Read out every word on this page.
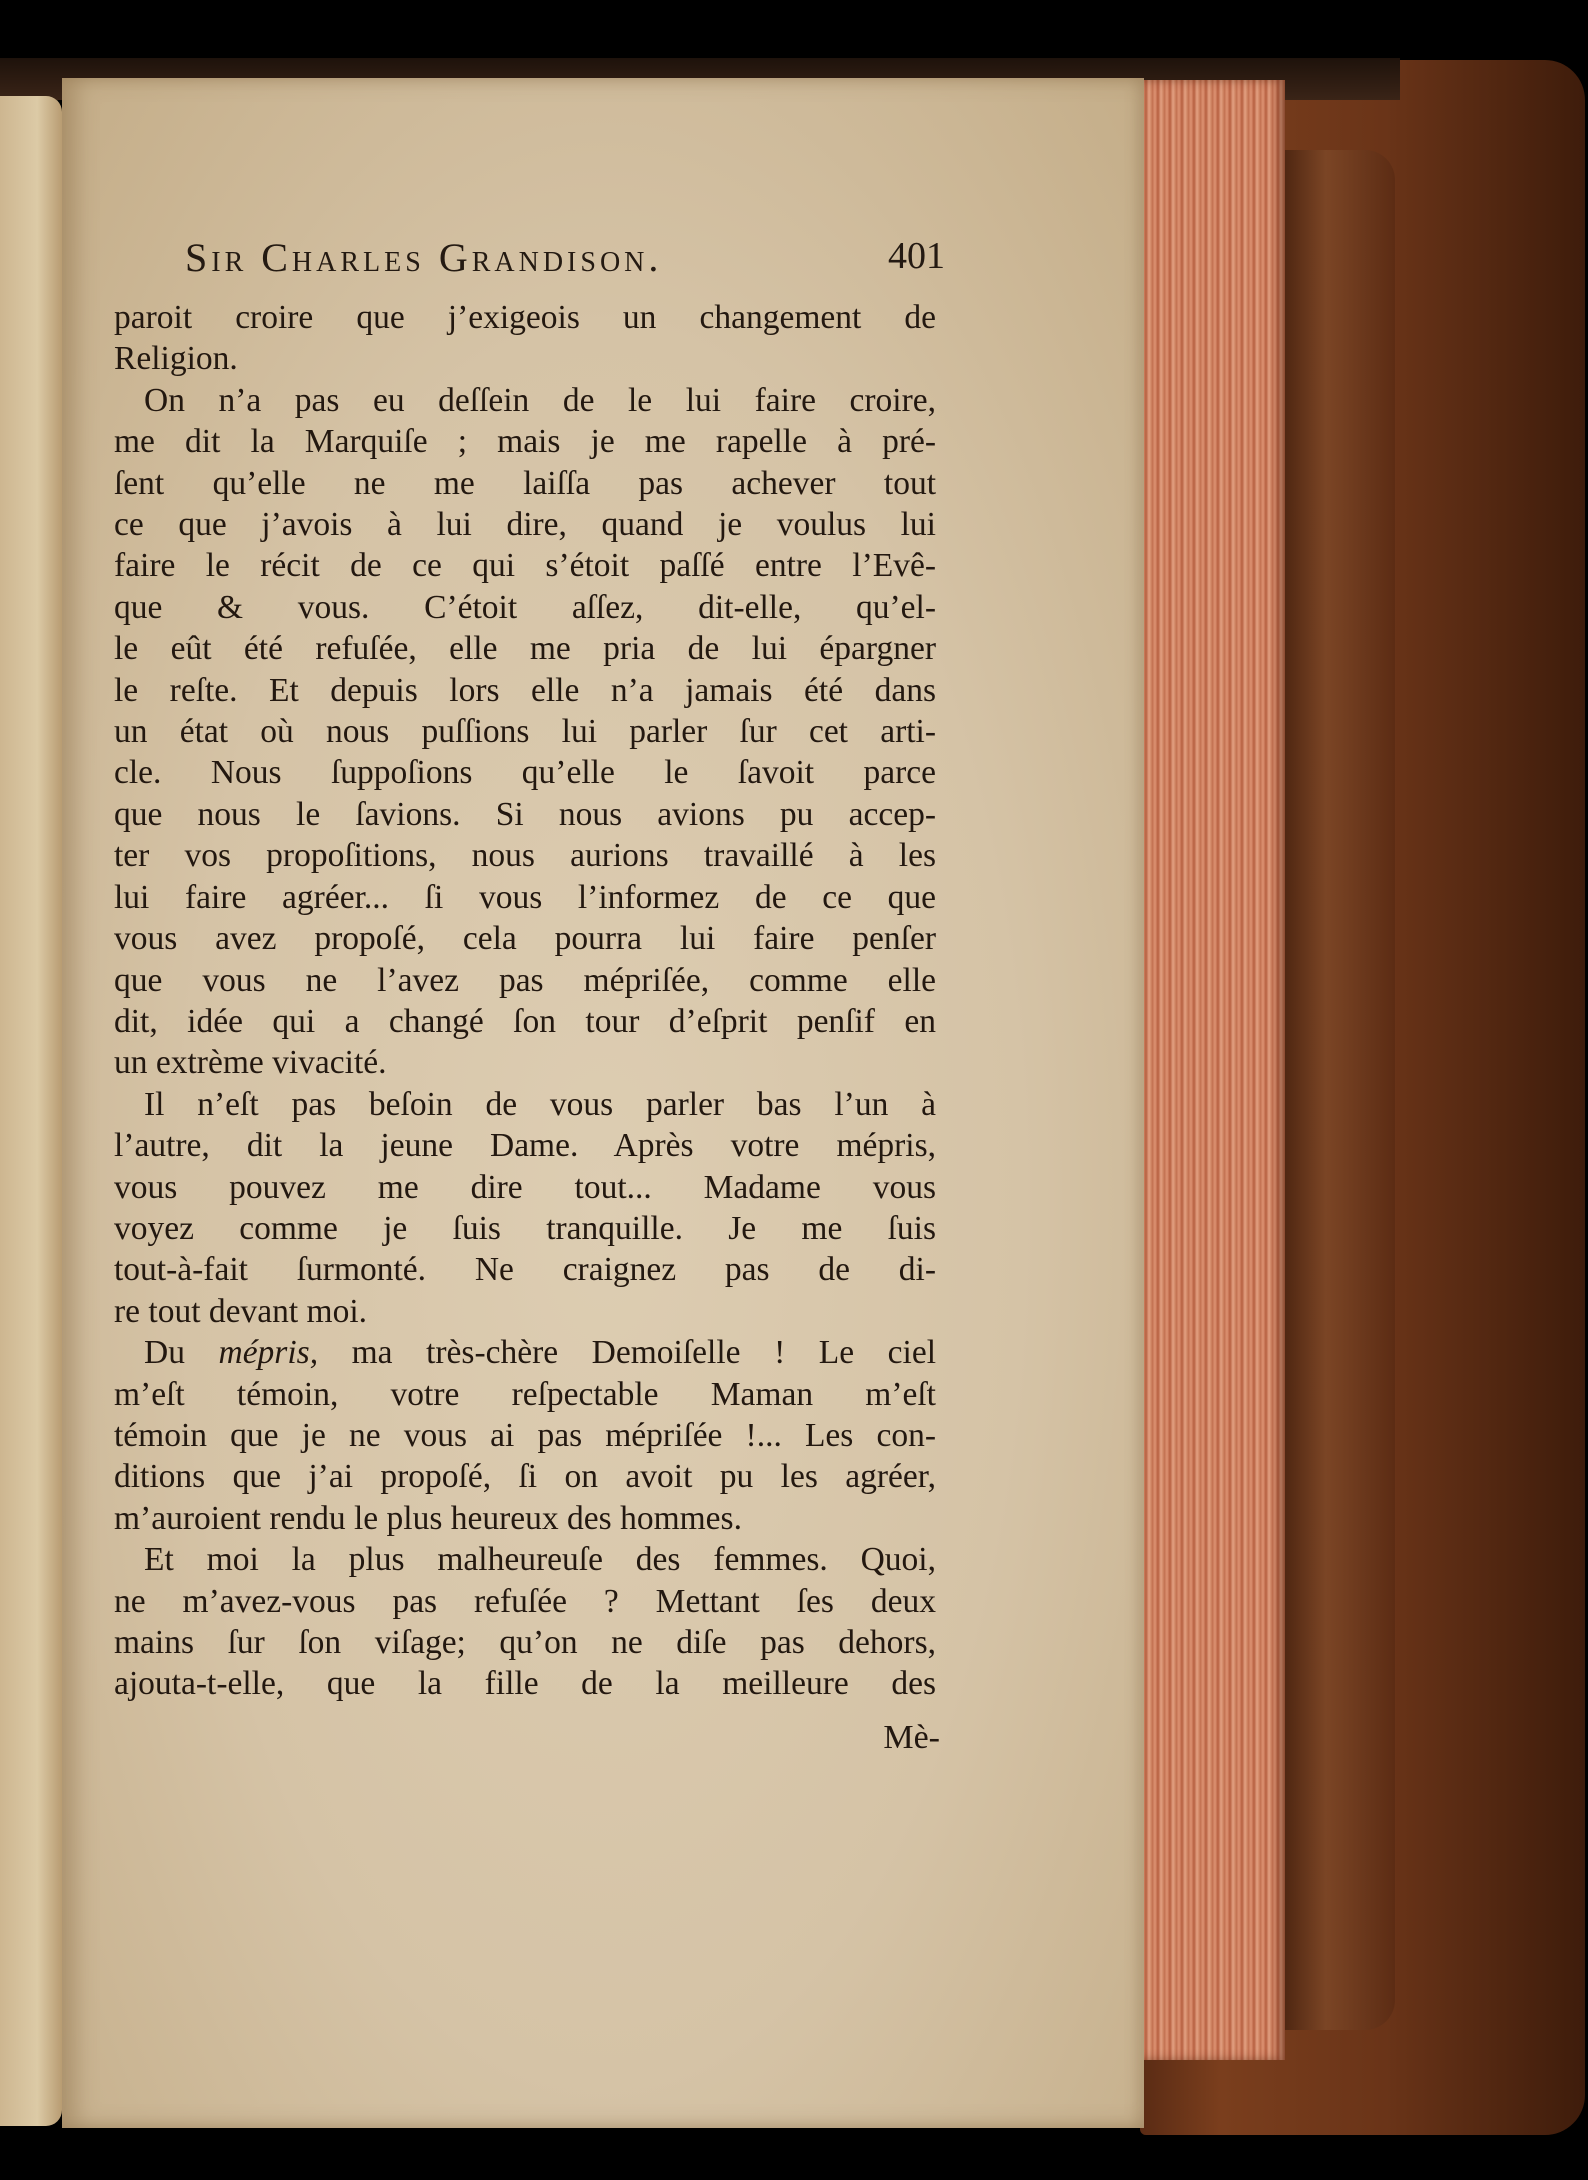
Sir Charles Grandison.	401

paroit croire que j’exigeois un changement de

Religion.

On n’a pas eu deſſein de le lui faire croire,

me dit la Marquiſe ; mais je me rapelle à pré-

ſent qu’elle ne me laiſſa pas achever tout

ce que j’avois à lui dire, quand je voulus lui

faire le récit de ce qui s’étoit paſſé entre l’Evê-

que & vous. C’étoit aſſez, dit-elle, qu’el-

le eût été refuſée, elle me pria de lui épargner

le reſte. Et depuis lors elle n’a jamais été dans

un état où nous puſſions lui parler ſur cet arti-

cle. Nous ſuppoſions qu’elle le ſavoit parce

que nous le ſavions. Si nous avions pu accep-

ter vos propoſitions, nous aurions travaillé à les

lui faire agréer... ſi vous l’informez de ce que

vous avez propoſé, cela pourra lui faire penſer

que vous ne l’avez pas mépriſée, comme elle

dit, idée qui a changé ſon tour d’eſprit penſif en

un extrème vivacité.

Il n’eſt pas beſoin de vous parler bas l’un à

l’autre, dit la jeune Dame. Après votre mépris,

vous pouvez me dire tout... Madame vous

voyez comme je ſuis tranquille. Je me ſuis

tout-à-fait ſurmonté. Ne craignez pas de di-

re tout devant moi.

Du mépris, ma très-chère Demoiſelle ! Le ciel

m’eſt témoin, votre reſpectable Maman m’eſt

témoin que je ne vous ai pas mépriſée !... Les con-

ditions que j’ai propoſé, ſi on avoit pu les agréer,

m’auroient rendu le plus heureux des hommes.

Et moi la plus malheureuſe des femmes. Quoi,

ne m’avez-vous pas refuſée ? Mettant ſes deux

mains ſur ſon viſage; qu’on ne diſe pas dehors,

ajouta-t-elle, que la fille de la meilleure des

Mè-
